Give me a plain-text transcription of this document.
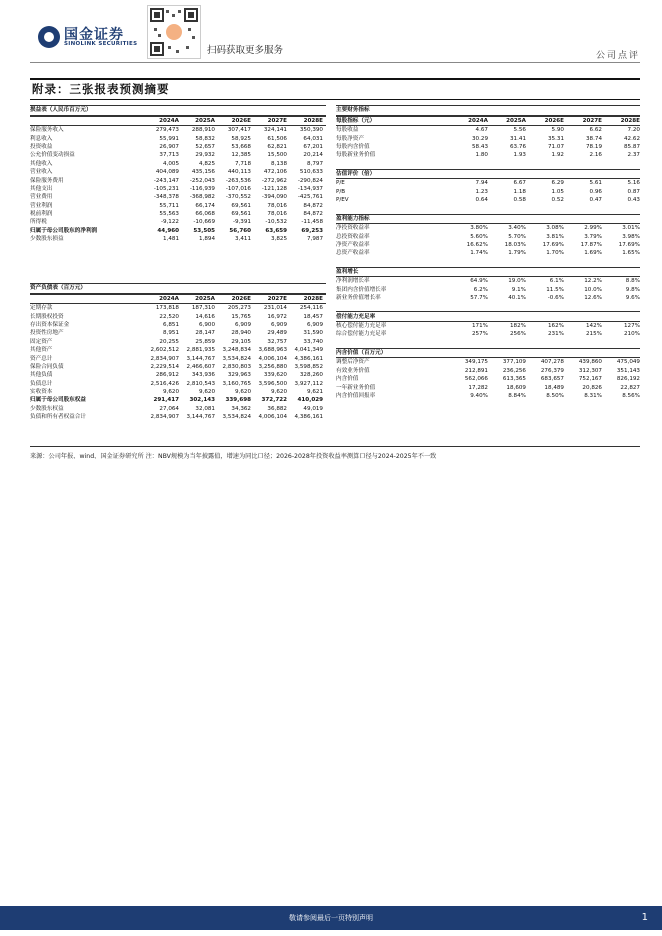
国金证券
SINOLINK SECURITIES
扫码获取更多服务	公司点评
附录：三张报表预测摘要
损益表（人民币百万元）
2024A	2025A	2026E	2027E	2028E
保险服务收入	279,473	288,910	307,417	324,141	350,390
利息收入	55,991	58,832	58,925	61,506	64,031
投资收益	26,907	52,657	53,668	62,821	67,201
公允价值变动损益	37,713	29,932	12,385	15,500	20,214
其他收入	4,005	4,825	7,718	8,138	8,797
营业收入	404,089	435,156	440,113	472,106	510,633
保险服务费用	-243,147	-252,043	-263,536	-272,962	-290,824
其他支出	-105,231	-116,939	-107,016	-121,128	-134,937
营业费用	-348,378	-368,982	-370,552	-394,090	-425,761
营业利润	55,711	66,174	69,561	78,016	84,872
税前利润	55,563	66,068	69,561	78,016	84,872
所得税	-9,122	-10,669	-9,391	-10,532	-11,458
归属于母公司股东的净利润	44,960	53,505	56,760	63,659	69,253
少数股东损益	1,481	1,894	3,411	3,825	7,987
资产负债表（百万元）
2024A	2025A	2026E	2027E	2028E
定期存款	173,818	187,310	205,273	231,014	254,116
长期股权投资	22,520	14,616	15,765	16,972	18,457
存出资本保证金	6,851	6,900	6,909	6,909	6,909
投资性房地产	8,951	28,147	28,940	29,489	31,590
固定资产	20,255	25,859	29,105	32,757	33,740
其他资产	2,602,512	2,881,935	3,248,834	3,688,963	4,041,349
资产总计	2,834,907	3,144,767	3,534,824	4,006,104	4,386,161
保险合同负债	2,229,514	2,466,607	2,830,803	3,256,880	3,598,852
其他负债	286,912	343,936	329,963	339,620	328,260
负债总计	2,516,426	2,810,543	3,160,765	3,596,500	3,927,112
实收资本	9,620	9,620	9,620	9,620	9,621
归属于母公司股东权益	291,417	302,143	339,698	372,722	410,029
少数股东权益	27,064	32,081	34,362	36,882	49,019
负债和所有者权益合计	2,834,907	3,144,767	3,534,824	4,006,104	4,386,161
主要财务指标
每股指标（元）	2024A	2025A	2026E	2027E	2028E
每股收益	4.67	5.56	5.90	6.62	7.20
每股净资产	30.29	31.41	35.31	38.74	42.62
每股内含价值	58.43	63.76	71.07	78.19	85.87
每股新业务价值	1.80	1.93	1.92	2.16	2.37
估值评价（倍）
P/E	7.94	6.67	6.29	5.61	5.16
P/B	1.23	1.18	1.05	0.96	0.87
P/EV	0.64	0.58	0.52	0.47	0.43
盈利能力指标
净投资收益率	3.80%	3.40%	3.08%	2.99%	3.01%
总投资收益率	5.60%	5.70%	3.81%	3.79%	3.98%
净资产收益率	16.62%	18.03%	17.69%	17.87%	17.69%
总资产收益率	1.74%	1.79%	1.70%	1.69%	1.65%
盈利增长
净利润增长率	64.9%	19.0%	6.1%	12.2%	8.8%
集团内含价值增长率	6.2%	9.1%	11.5%	10.0%	9.8%
新业务价值增长率	57.7%	40.1%	-0.6%	12.6%	9.6%
偿付能力充足率
核心偿付能力充足率	171%	182%	162%	142%	127%
综合偿付能力充足率	257%	256%	231%	215%	210%
内含价值（百万元）
调整后净资产	349,175	377,109	407,278	439,860	475,049
有效业务价值	212,891	236,256	276,379	312,307	351,143
内含价值	562,066	613,365	683,657	752,167	826,192
一年新业务价值	17,282	18,609	18,489	20,826	22,827
内含价值回报率	9.40%	8.84%	8.50%	8.31%	8.56%
来源：公司年报、wind、国金证券研究所 注：NBV规模为当年披露值，增速为同比口径；2026-2028年投资收益率测算口径与2024-2025年不一致
敬请参阅最后一页特别声明	1
